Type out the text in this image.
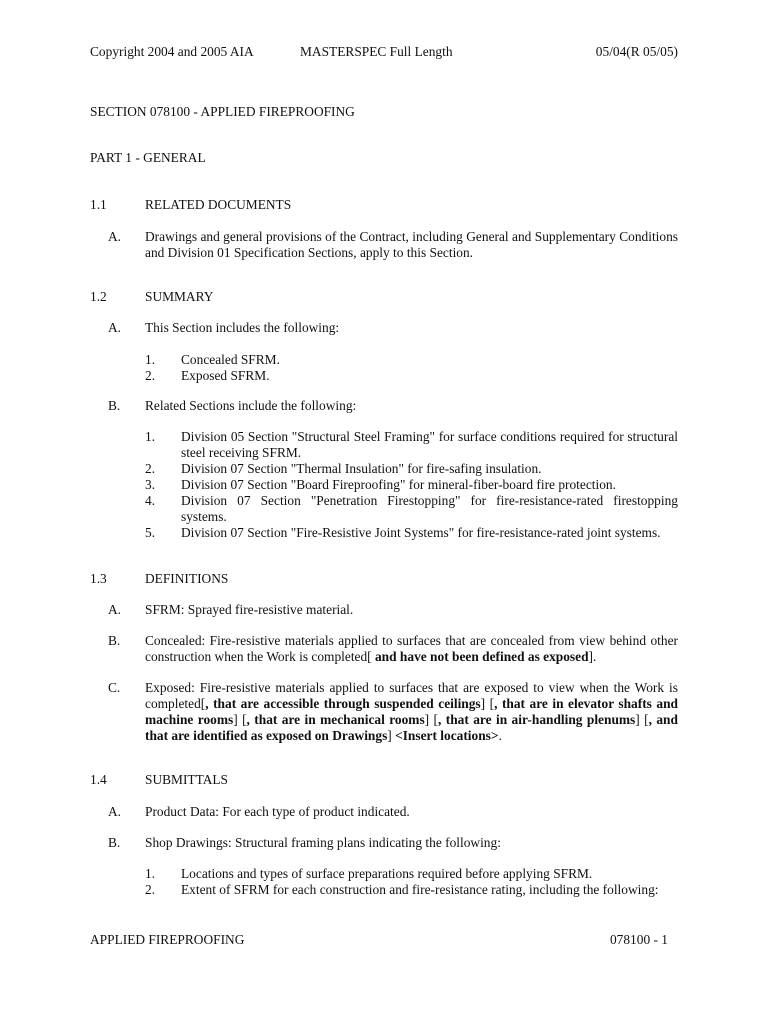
Copyright 2004 and 2005 AIA	MASTERSPEC Full Length	05/04(R 05/05)
SECTION 078100 - APPLIED FIREPROOFING
PART 1 - GENERAL
1.1	RELATED DOCUMENTS
A. Drawings and general provisions of the Contract, including General and Supplementary Conditions and Division 01 Specification Sections, apply to this Section.
1.2	SUMMARY
A. This Section includes the following:
1. Concealed SFRM.
2. Exposed SFRM.
B. Related Sections include the following:
1. Division 05 Section "Structural Steel Framing" for surface conditions required for structural steel receiving SFRM.
2. Division 07 Section "Thermal Insulation" for fire-safing insulation.
3. Division 07 Section "Board Fireproofing" for mineral-fiber-board fire protection.
4. Division 07 Section "Penetration Firestopping" for fire-resistance-rated firestopping systems.
5. Division 07 Section "Fire-Resistive Joint Systems" for fire-resistance-rated joint systems.
1.3	DEFINITIONS
A. SFRM: Sprayed fire-resistive material.
B. Concealed: Fire-resistive materials applied to surfaces that are concealed from view behind other construction when the Work is completed[ and have not been defined as exposed].
C. Exposed: Fire-resistive materials applied to surfaces that are exposed to view when the Work is completed[, that are accessible through suspended ceilings] [, that are in elevator shafts and machine rooms] [, that are in mechanical rooms] [, that are in air-handling plenums] [, and that are identified as exposed on Drawings] <Insert locations>.
1.4	SUBMITTALS
A. Product Data: For each type of product indicated.
B. Shop Drawings: Structural framing plans indicating the following:
1. Locations and types of surface preparations required before applying SFRM.
2. Extent of SFRM for each construction and fire-resistance rating, including the following:
APPLIED FIREPROOFING	078100 - 1
